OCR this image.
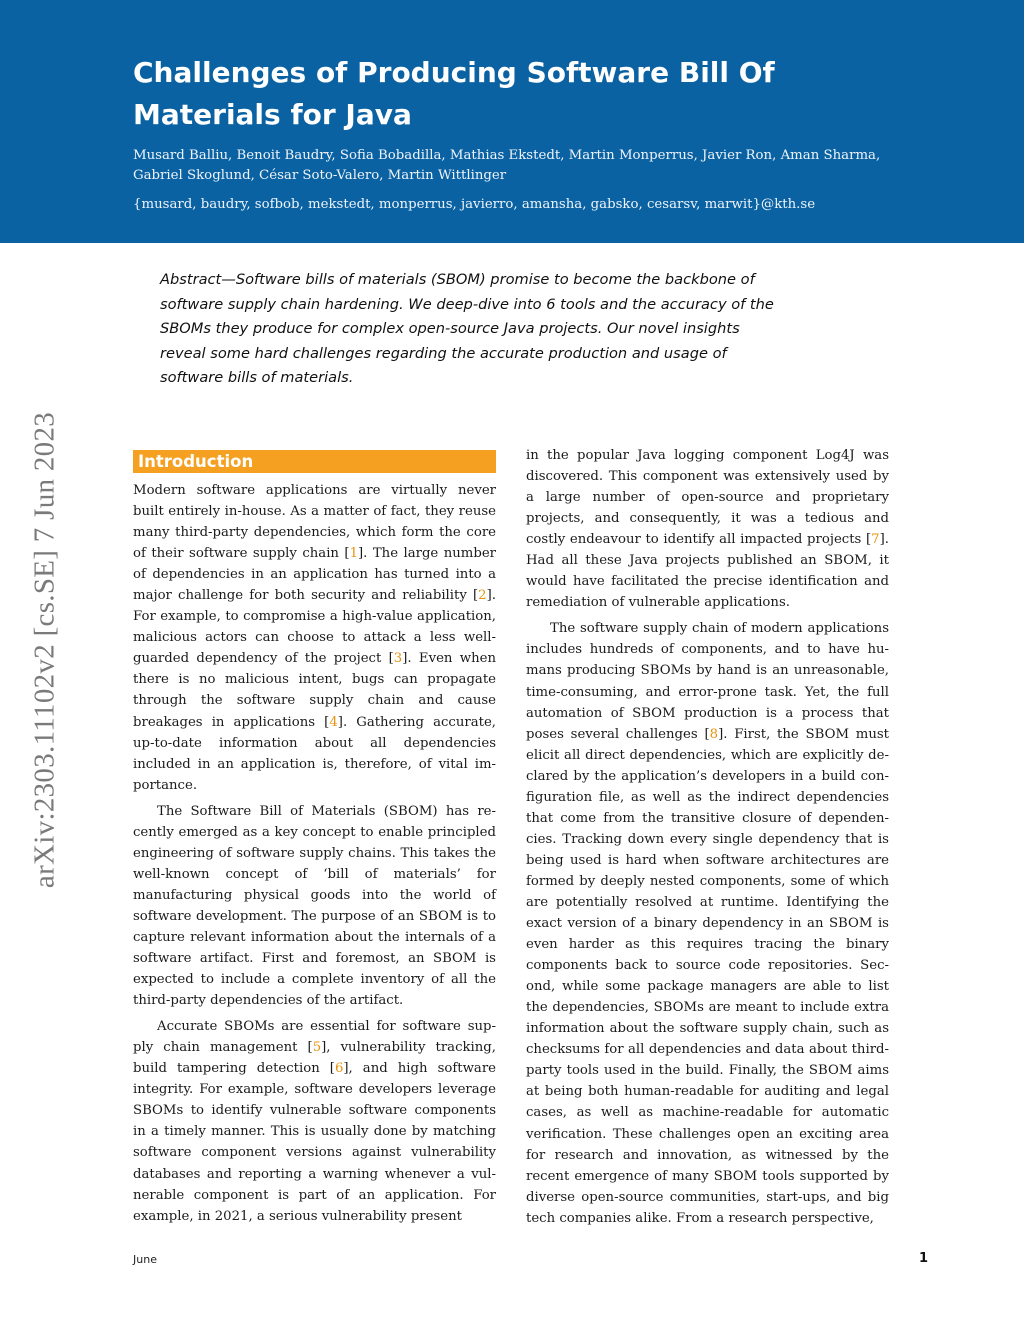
Challenges of Producing Software Bill Of Materials for Java

Musard Balliu, Benoit Baudry, Sofia Bobadilla, Mathias Ekstedt, Martin Monperrus, Javier Ron, Aman Sharma, Gabriel Skoglund, César Soto-Valero, Martin Wittlinger

{musard, baudry, sofbob, mekstedt, monperrus, javierro, amansha, gabsko, cesarsv, marwit}@kth.se

Abstract—Software bills of materials (SBOM) promise to become the backbone of software supply chain hardening. We deep-dive into 6 tools and the accuracy of the SBOMs they produce for complex open-source Java projects. Our novel insights reveal some hard challenges regarding the accurate production and usage of software bills of materials.

arXiv:2303.11102v2 [cs.SE] 7 Jun 2023	Introduction

Modern software applications are virtually never built entirely in-house. As a matter of fact, they reuse many third-party dependencies, which form the core of their software supply chain [1]. The large number of dependencies in an application has turned into a major challenge for both security and reliability [2]. For example, to compromise a high-value application, malicious actors can choose to attack a less well-guarded dependency of the project [3]. Even when there is no malicious intent, bugs can propagate through the software supply chain and cause breakages in applications [4]. Gathering accurate, up-to-date information about all dependencies included in an application is, therefore, of vital importance.

The Software Bill of Materials (SBOM) has recently emerged as a key concept to enable principled engineering of software supply chains. This takes the well-known concept of ‘bill of materials’ for manufacturing physical goods into the world of software development. The purpose of an SBOM is to capture relevant information about the internals of a software artifact. First and foremost, an SBOM is expected to include a complete inventory of all the third-party dependencies of the artifact.

Accurate SBOMs are essential for software supply chain management [5], vulnerability tracking, build tampering detection [6], and high software integrity. For example, software developers leverage SBOMs to identify vulnerable software components in a timely manner. This is usually done by matching software component versions against vulnerability databases and reporting a warning whenever a vulnerable component is part of an application. For example, in 2021, a serious vulnerability present

in the popular Java logging component Log4J was discovered. This component was extensively used by a large number of open-source and proprietary projects, and consequently, it was a tedious and costly endeavour to identify all impacted projects [7]. Had all these Java projects published an SBOM, it would have facilitated the precise identification and remediation of vulnerable applications.

The software supply chain of modern applications includes hundreds of components, and to have humans producing SBOMs by hand is an unreasonable, time-consuming, and error-prone task. Yet, the full automation of SBOM production is a process that poses several challenges [8]. First, the SBOM must elicit all direct dependencies, which are explicitly declared by the application’s developers in a build configuration file, as well as the indirect dependencies that come from the transitive closure of dependencies. Tracking down every single dependency that is being used is hard when software architectures are formed by deeply nested components, some of which are potentially resolved at runtime. Identifying the exact version of a binary dependency in an SBOM is even harder as this requires tracing the binary components back to source code repositories. Second, while some package managers are able to list the dependencies, SBOMs are meant to include extra information about the software supply chain, such as checksums for all dependencies and data about third-party tools used in the build. Finally, the SBOM aims at being both human-readable for auditing and legal cases, as well as machine-readable for automatic verification. These challenges open an exciting area for research and innovation, as witnessed by the recent emergence of many SBOM tools supported by diverse open-source communities, start-ups, and big tech companies alike. From a research perspective,

June	1
